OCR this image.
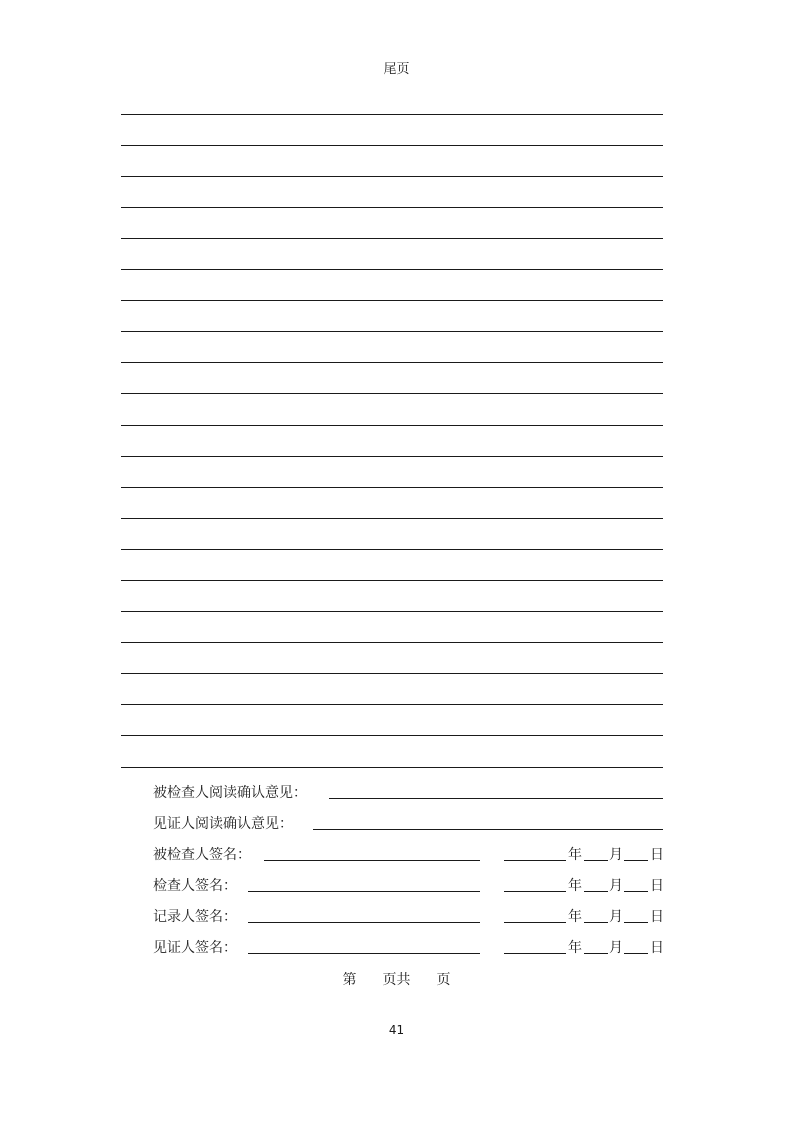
尾页
被检查人阅读确认意见：
见证人阅读确认意见：
被检查人签名：
检查人签名：
记录人签名：
见证人签名：
年 月 日
年 月 日
年 月 日
年 月 日
第 页共 页
41
